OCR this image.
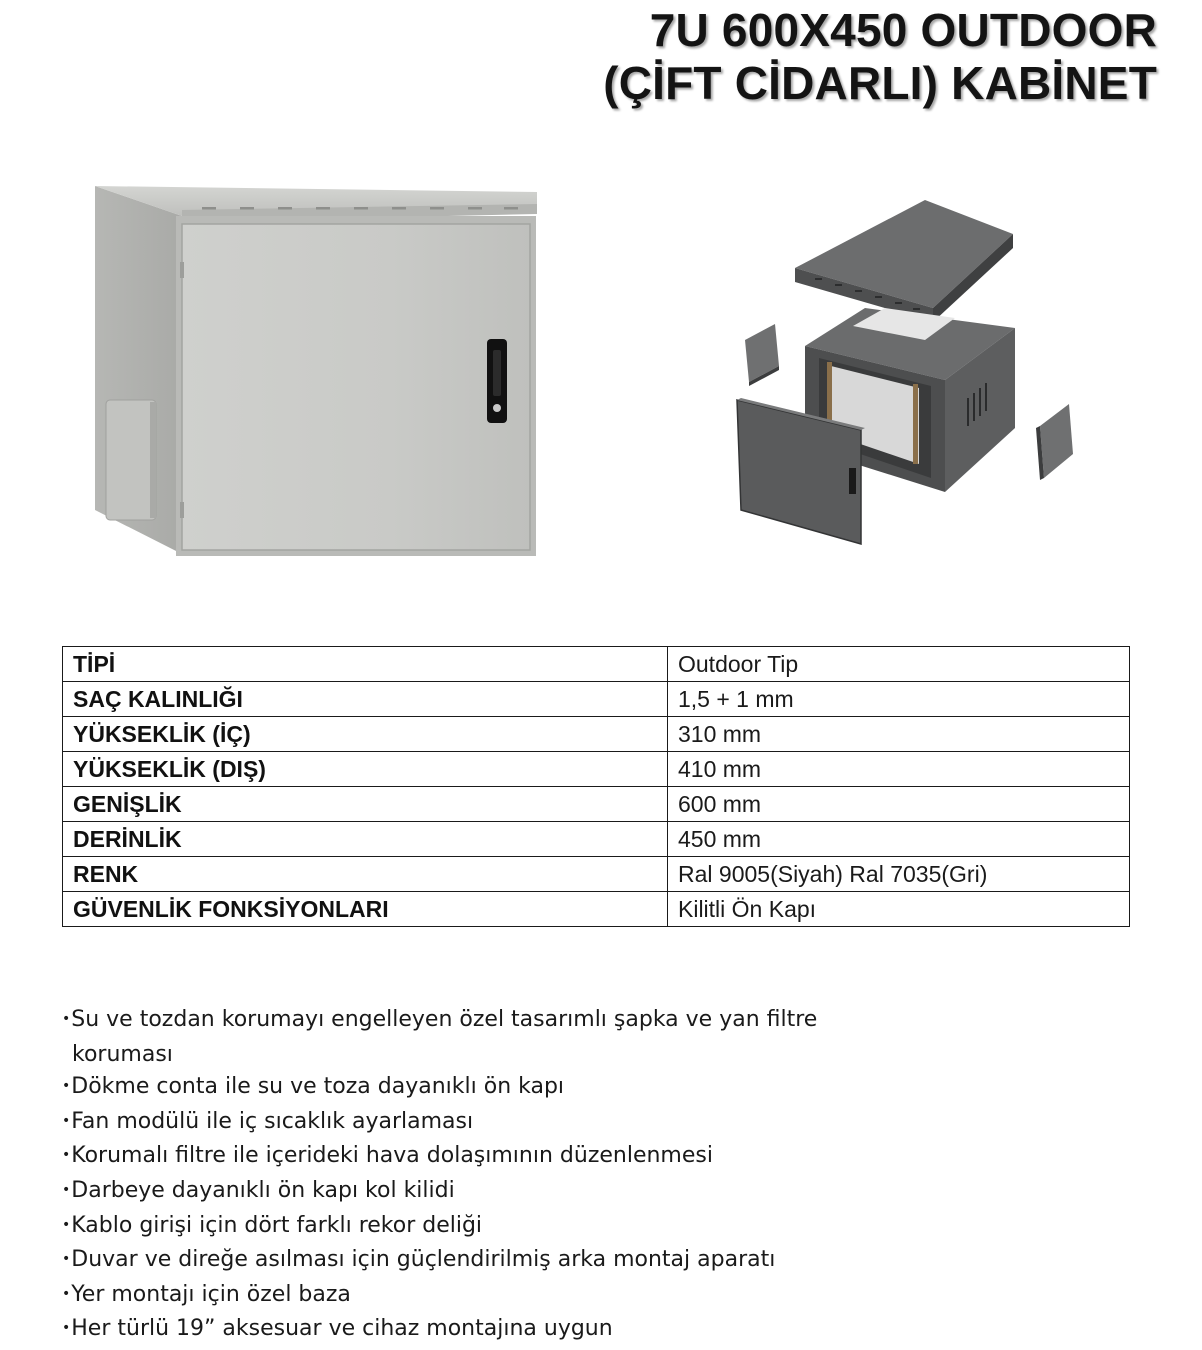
7U 600X450 OUTDOOR
(ÇİFT CİDARLI) KABİNET
TİPİ	Outdoor Tip
SAÇ KALINLIĞI	1,5 + 1 mm
YÜKSEKLİK (İÇ)	310 mm
YÜKSEKLİK (DIŞ)	410 mm
GENİŞLİK	600 mm
DERİNLİK	450 mm
RENK	Ral 9005(Siyah) Ral 7035(Gri)
GÜVENLİK FONKSİYONLARI	Kilitli Ön Kapı
• Su ve tozdan korumayı engelleyen özel tasarımlı şapka ve yan filtre koruması
• Dökme conta ile su ve toza dayanıklı ön kapı
• Fan modülü ile iç sıcaklık ayarlaması
• Korumalı filtre ile içerideki hava dolaşımının düzenlenmesi
• Darbeye dayanıklı ön kapı kol kilidi
• Kablo girişi için dört farklı rekor deliği
• Duvar ve direğe asılması için güçlendirilmiş arka montaj aparatı
• Yer montajı için özel baza
• Her türlü 19” aksesuar ve cihaz montajına uygun
